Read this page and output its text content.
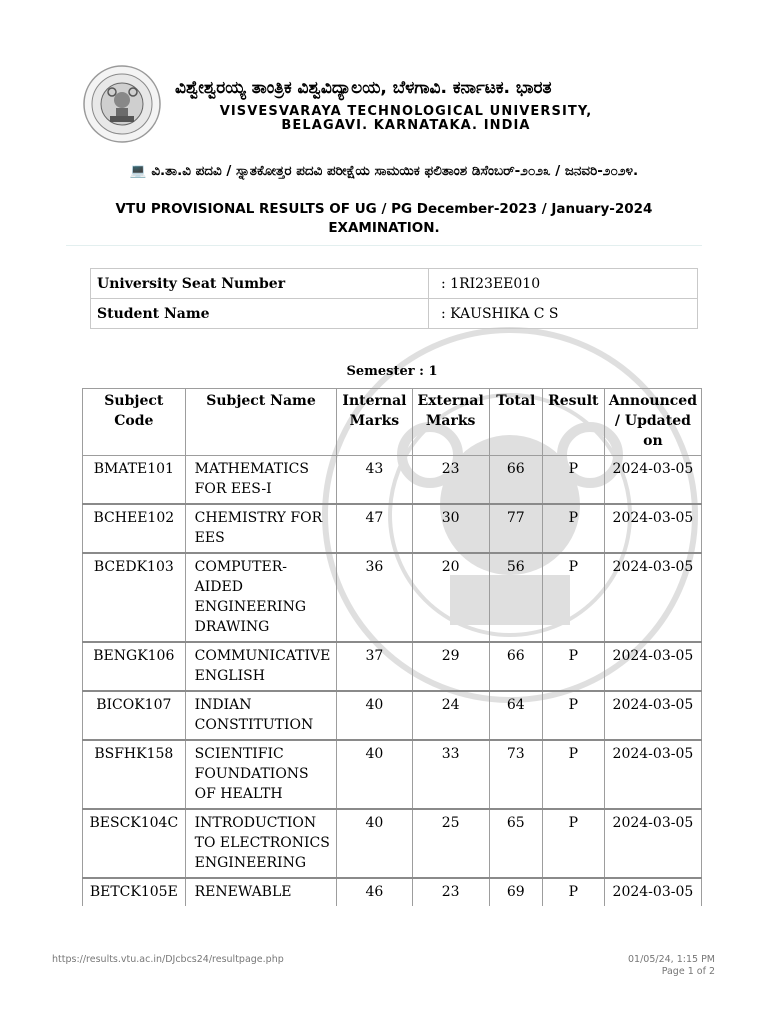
ವಿಶ್ವೇಶ್ವರಯ್ಯ ತಾಂತ್ರಿಕ ವಿಶ್ವವಿದ್ಯಾಲಯ, ಬೆಳಗಾವಿ. ಕರ್ನಾಟಕ. ಭಾರತ
VISVESVARAYA TECHNOLOGICAL UNIVERSITY,
BELAGAVI. KARNATAKA. INDIA
💻 ವಿ.ತಾ.ವಿ ಪದವಿ / ಸ್ನಾತಕೋತ್ತರ ಪದವಿ ಪರೀಕ್ಷೆಯ ಸಾಮಯಿಕ ಫಲಿತಾಂಶ ಡಿಸೆಂಬರ್-೨೦೨೩ / ಜನವರಿ-೨೦೨೪.
VTU PROVISIONAL RESULTS OF UG / PG December-2023 / January-2024 EXAMINATION.
University Seat Number	: 1RI23EE010
Student Name	: KAUSHIKA C S
Semester : 1
Subject Code	Subject Name	Internal Marks	External Marks	Total	Result	Announced / Updated on
BMATE101	MATHEMATICS FOR EES-I	43	23	66	P	2024-03-05
BCHEE102	CHEMISTRY FOR EES	47	30	77	P	2024-03-05
BCEDK103	COMPUTER-AIDED ENGINEERING DRAWING	36	20	56	P	2024-03-05
BENGK106	COMMUNICATIVE ENGLISH	37	29	66	P	2024-03-05
BICOK107	INDIAN CONSTITUTION	40	24	64	P	2024-03-05
BSFHK158	SCIENTIFIC FOUNDATIONS OF HEALTH	40	33	73	P	2024-03-05
BESCK104C	INTRODUCTION TO ELECTRONICS ENGINEERING	40	25	65	P	2024-03-05
BETCK105E	RENEWABLE	46	23	69	P	2024-03-05
https://results.vtu.ac.in/DJcbcs24/resultpage.php	01/05/24, 1:15 PM
Page 1 of 2
